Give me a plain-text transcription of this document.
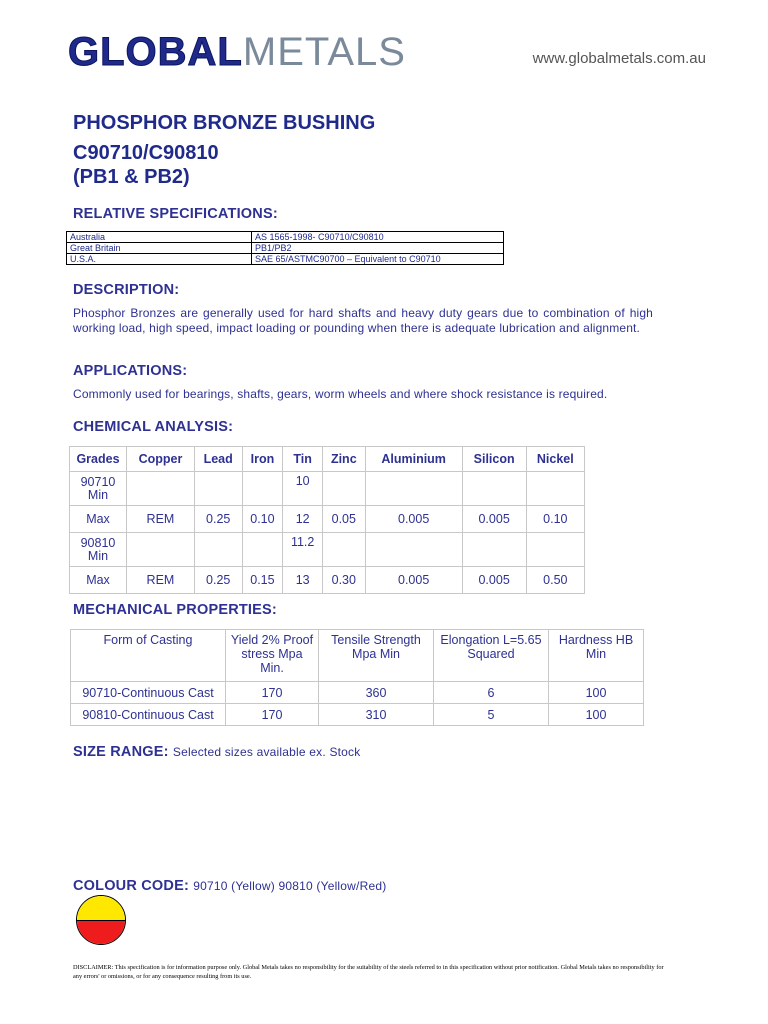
GLOBALMETALS	www.globalmetals.com.au
PHOSPHOR BRONZE BUSHING
C90710/C90810
(PB1 & PB2)
RELATIVE SPECIFICATIONS:
Australia	AS 1565-1998- C90710/C90810
Great Britain	PB1/PB2
U.S.A.	SAE 65/ASTMC90700 – Equivalent to C90710
DESCRIPTION:
Phosphor Bronzes are generally used for hard shafts and heavy duty gears due to combination of high working load, high speed, impact loading or pounding when there is adequate lubrication and alignment.
APPLICATIONS:
Commonly used for bearings, shafts, gears, worm wheels and where shock resistance is required.
CHEMICAL ANALYSIS:
Grades	Copper	Lead	Iron	Tin	Zinc	Aluminium	Silicon	Nickel
90710 Min				10				
Max	REM	0.25	0.10	12	0.05	0.005	0.005	0.10
90810 Min				11.2				
Max	REM	0.25	0.15	13	0.30	0.005	0.005	0.50
MECHANICAL PROPERTIES:
Form of Casting	Yield 2% Proof stress Mpa Min.	Tensile Strength Mpa Min	Elongation L=5.65 Squared	Hardness HB Min
90710-Continuous Cast	170	360	6	100
90810-Continuous Cast	170	310	5	100
SIZE RANGE: Selected sizes available ex. Stock
COLOUR CODE: 90710 (Yellow) 90810 (Yellow/Red)
DISCLAIMER: This specification is for information purpose only. Global Metals takes no responsibility for the suitability of the steels referred to in this specification without prior notification. Global Metals takes no responsibility for any errors' or omissions, or for any consequence resulting from its use.
